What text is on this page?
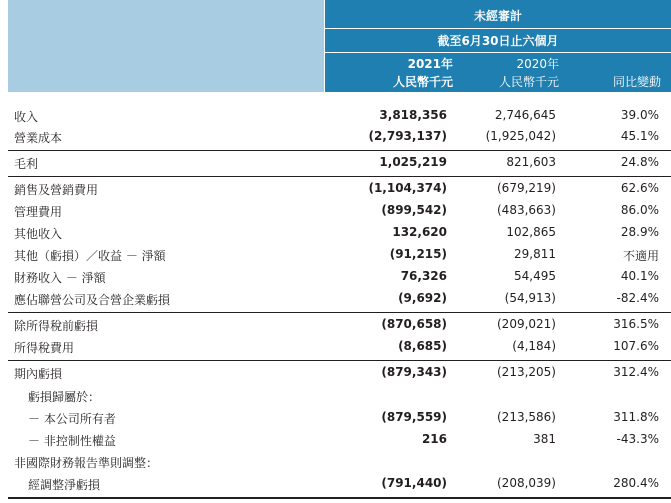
未經審計
截至6月30日止六個月
2021年	2020年
人民幣千元	人民幣千元	同比變動
收入	3,818,356	2,746,645	39.0%
營業成本	(2,793,137)	(1,925,042)	45.1%
毛利	1,025,219	821,603	24.8%
銷售及營銷費用	(1,104,374)	(679,219)	62.6%
管理費用	(899,542)	(483,663)	86.0%
其他收入	132,620	102,865	28.9%
其他（虧損）／收益 － 淨額	(91,215)	29,811	不適用
財務收入 － 淨額	76,326	54,495	40.1%
應佔聯營公司及合營企業虧損	(9,692)	(54,913)	-82.4%
除所得稅前虧損	(870,658)	(209,021)	316.5%
所得稅費用	(8,685)	(4,184)	107.6%
期內虧損	(879,343)	(213,205)	312.4%
虧損歸屬於：
－ 本公司所有者	(879,559)	(213,586)	311.8%
－ 非控制性權益	216	381	-43.3%
非國際財務報告準則調整：
經調整淨虧損	(791,440)	(208,039)	280.4%
